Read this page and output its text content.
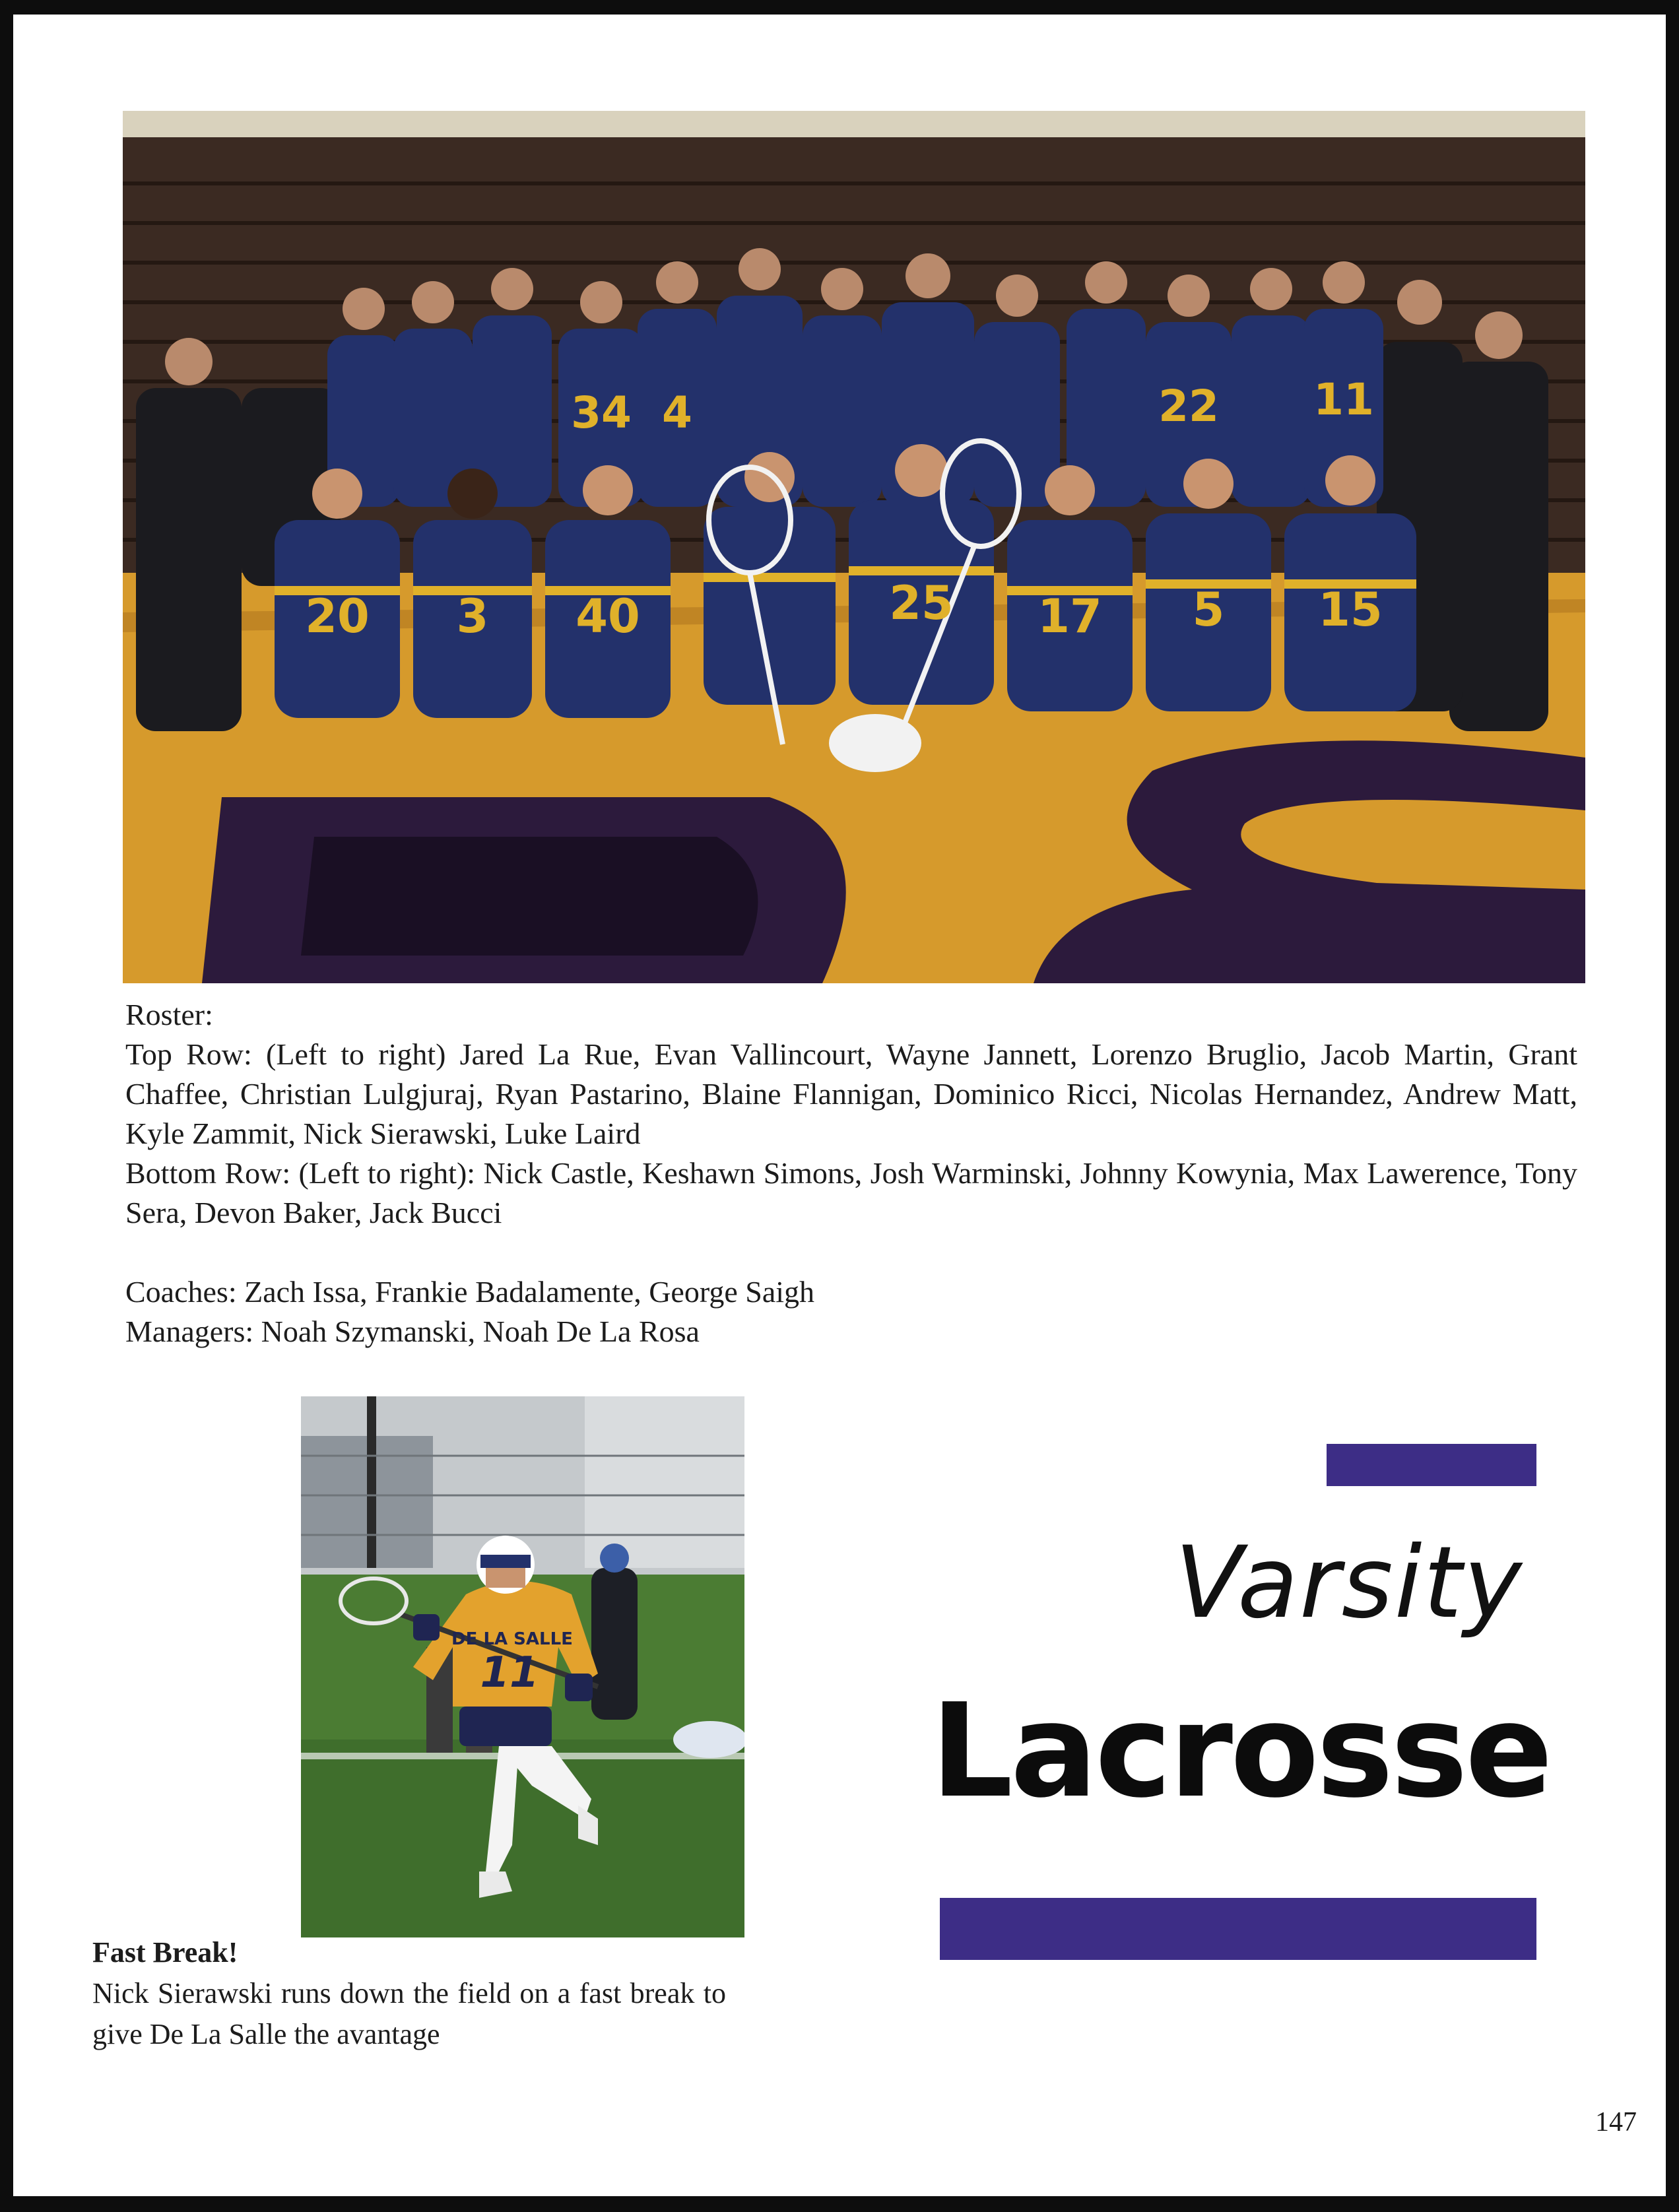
20 3 40	25 17 5 15
34 4	22 11

Roster:

Top Row: (Left to right) Jared La Rue, Evan Vallincourt, Wayne Jannett, Lorenzo Bruglio, Jacob Martin, Grant Chaffee, Christian Lulgjuraj, Ryan Pastarino, Blaine Flannigan, Dominico Ricci, Nicolas Hernandez, Andrew Matt, Kyle Zammit, Nick Sierawski, Luke Laird

Bottom Row: (Left to right): Nick Castle, Keshawn Simons, Josh Warminski, Johnny Kowynia, Max Lawerence, Tony Sera, Devon Baker, Jack Bucci

Coaches: Zach Issa, Frankie Badalamente, George Saigh

Managers: Noah Szymanski, Noah De La Rosa

DE LA SALLE
11
Fast Break!
Nick Sierawski runs down the field on a fast break to give De La Salle the avantage
Varsity
Lacrosse
147
